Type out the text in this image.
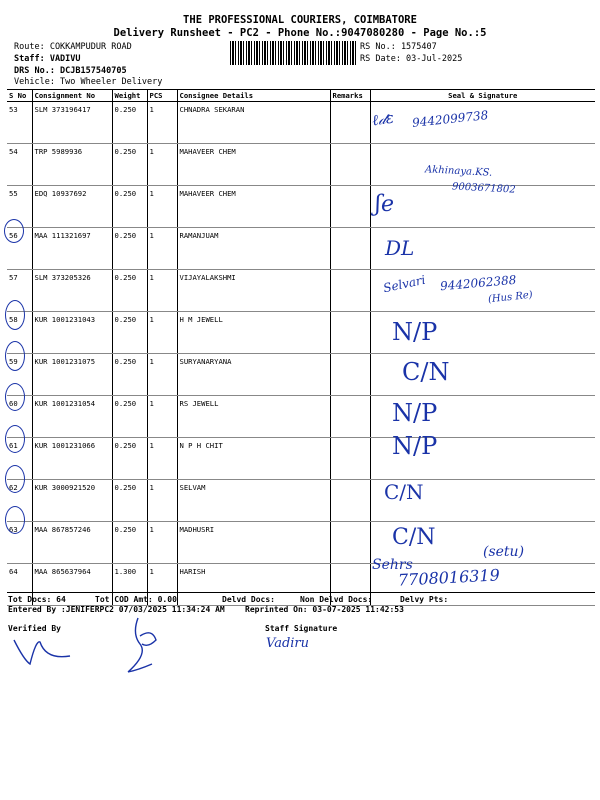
THE PROFESSIONAL COURIERS, COIMBATORE
Delivery Runsheet - PC2 - Phone No.:9047080280 - Page No.:5
Route: COKKAMPUDUR ROAD
Staff: VADIVU
DRS No.: DCJB157540705
Vehicle: Two Wheeler Delivery
RS No.: 1575407
RS Date: 03-Jul-2025
S No	Consignment No	Weight	PCS	Consignee Details	Remarks	Seal & Signature
53	SLM 373196417	0.250	1	CHNADRA SEKARAN		
54	TRP 5989936	0.250	1	MAHAVEER CHEM		
55	EDQ 10937692	0.250	1	MAHAVEER CHEM		
56	MAA 111321697	0.250	1	RAMANJUAM		
57	SLM 373205326	0.250	1	VIJAYALAKSHMI		
58	KUR 1001231043	0.250	1	H M JEWELL		
59	KUR 1001231075	0.250	1	SURYANARYANA		
60	KUR 1001231054	0.250	1	RS JEWELL		
61	KUR 1001231066	0.250	1	N P H CHIT		
62	KUR 3000921520	0.250	1	SELVAM		
63	MAA 867857246	0.250	1	MADHUSRI		
64	MAA 865637964	1.300	1	HARISH		
ℓ𝒹ε 9442099738
Akhinaya.KS.
9003671802
ʃe
DL
Selvari 9442062388
(Hus Re)
N/P
C/N
N/P
N/P
C/N
C/N
Sehrs
(setu)
7708016319
Tot Docs: 64	Tot COD Amt: 0.00	Delvd Docs:	Non Delvd Docs:	Delvy Pts:
Entered By :JENIFERPC2 07/03/2025 11:34:24 AM	Reprinted On: 03-07-2025 11:42:53
Verified By	Staff Signature
Vadiru
